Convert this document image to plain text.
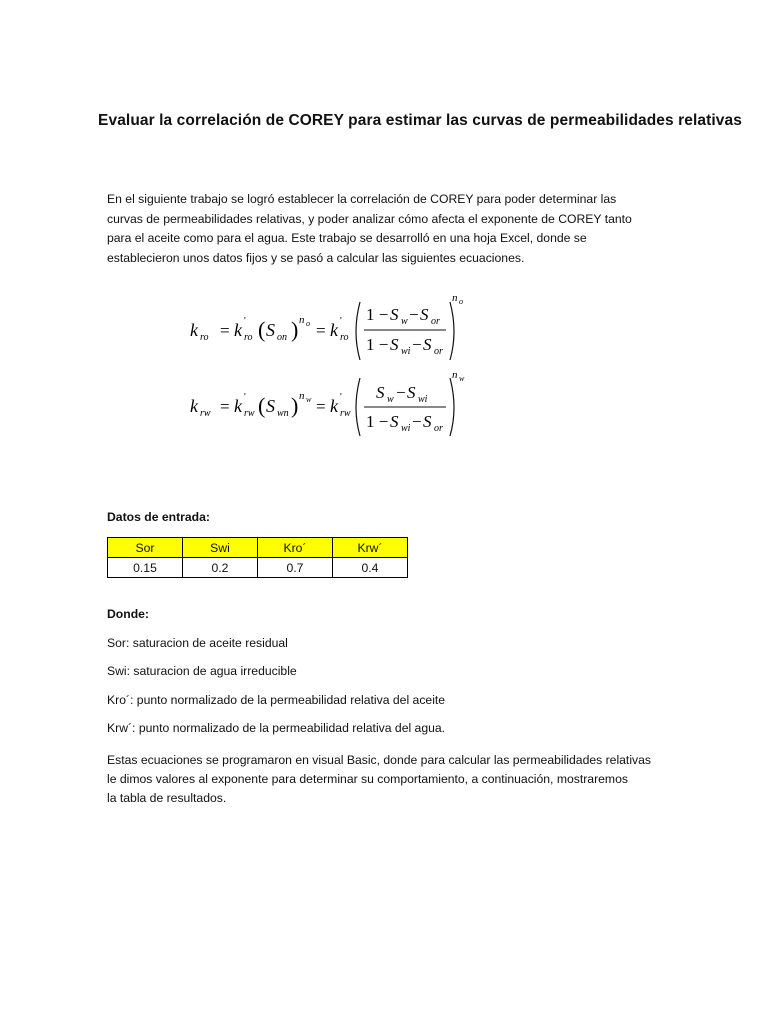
Evaluar la correlación de COREY para estimar las curvas de permeabilidades relativas

En el siguiente trabajo se logró establecer la correlación de COREY para poder determinar las
curvas de permeabilidades relativas, y poder analizar cómo afecta el exponente de COREY tanto
para el aceite como para el agua. Este trabajo se desarrolló en una hoja Excel, donde se
establecieron unos datos fijos y se pasó a calcular las siguientes ecuaciones.

k ro = k ro
' ( S on ) n o = k ro
' 1 − S w − S or
1 − S wi − S or
n o
k rw = k rw
' ( S wn ) n w = k rw
' S w − S wi
1 − S wi − S or
n w

Datos de entrada:

Sor	Swi	Kro´	Krw´
0.15	0.2	0.7	0.4

Donde:

Sor: saturacion de aceite residual

Swi: saturacion de agua irreducible

Kro´: punto normalizado de la permeabilidad relativa del aceite

Krw´: punto normalizado de la permeabilidad relativa del agua.

Estas ecuaciones se programaron en visual Basic, donde para calcular las permeabilidades relativas
le dimos valores al exponente para determinar su comportamiento, a continuación, mostraremos
la tabla de resultados.
